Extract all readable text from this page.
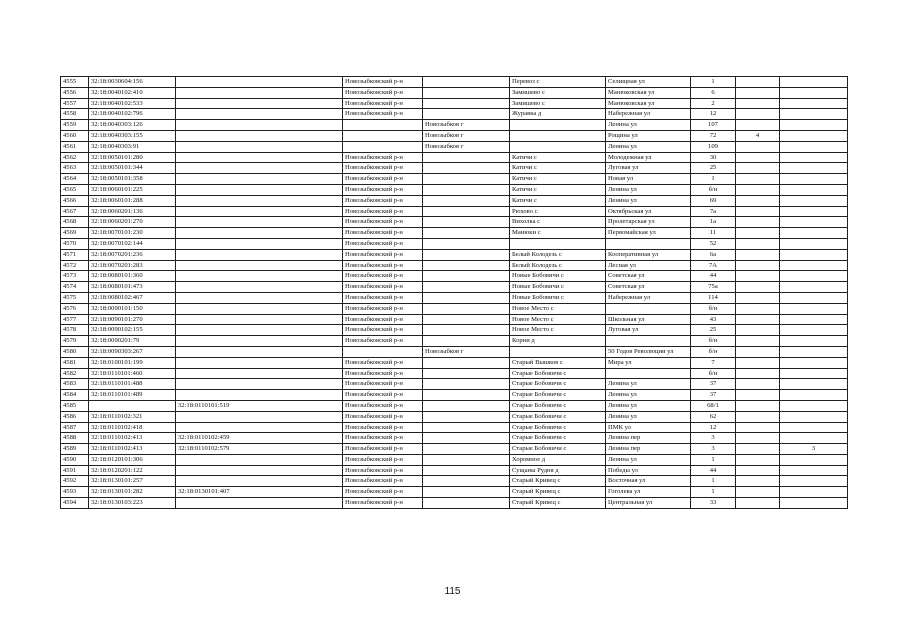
4555	32:18:0030604:156		Новозыбковский р-н		Перевоз с	Селищная ул	1		
4556	32:18:0040102:410		Новозыбковский р-н		Замишево с	Манюковская ул	6		
4557	32:18:0040102:533		Новозыбковский р-н		Замишево с	Манюковская ул	2		
4558	32:18:0040102:796		Новозыбковский р-н		Журавка д	Набережная ул	12		
4559	32:18:0040303:126			Новозыбков г		Ленина ул	107		
4560	32:18:0040303:155			Новозыбков г		Рощина ул	72	4	
4561	32:18:0040303:91			Новозыбков г		Ленина ул	109		
4562	32:18:0050101:280		Новозыбковский р-н		Катичи с	Молодежная ул	30		
4563	32:18:0050101:344		Новозыбковский р-н		Катичи с	Луговая ул	25		
4564	32:18:0050101:358		Новозыбковский р-н		Катичи с	Новая ул	1		
4565	32:18:0060101:225		Новозыбковский р-н		Катичи с	Ленина ул	б/н		
4566	32:18:0060101:288		Новозыбковский р-н		Катичи с	Ленина ул	69		
4567	32:18:0060201:136		Новозыбковский р-н		Рюхово с	Октябрьская ул	7а		
4568	32:18:0060201:270		Новозыбковский р-н		Вихолка с	Пролетарская ул	1а		
4569	32:18:0070101:230		Новозыбковский р-н		Манюки с	Первомайская ул	11		
4570	32:18:0070102:144		Новозыбковский р-н				52		
4571	32:18:0070201:236		Новозыбковский р-н		Белый Колодезь с	Кооперативная ул	6а		
4572	32:18:0070201:283		Новозыбковский р-н		Белый Колодезь с	Лесная ул	7А		
4573	32:18:0080101:360		Новозыбковский р-н		Новые Бобовичи с	Советская ул	44		
4574	32:18:0080101:473		Новозыбковский р-н		Новые Бобовичи с	Советская ул	75а		
4575	32:18:0080102:467		Новозыбковский р-н		Новые Бобовичи с	Набережная ул	114		
4576	32:18:0090101:150		Новозыбковский р-н		Новое Место с		б/н		
4577	32:18:0090101:270		Новозыбковский р-н		Новое Место с	Школьная ул	43		
4578	32:18:0090102:155		Новозыбковский р-н		Новое Место с	Луговая ул	25		
4579	32:18:0090201:79		Новозыбковский р-н		Корни д		б/н		
4580	32:18:0090303:267			Новозыбков г		50 Годов Революции ул	б/н		
4581	32:18:0100101:199		Новозыбковский р-н		Старый Вышков с	Мира ул	7		
4582	32:18:0110101:460		Новозыбковский р-н		Старые Бобовичи с		б/н		
4583	32:18:0110101:488		Новозыбковский р-н		Старые Бобовичи с	Ленина ул	37		
4584	32:18:0110101:489		Новозыбковский р-н		Старые Бобовичи с	Ленина ул	37		
4585		32:18:0110101:519	Новозыбковский р-н		Старые Бобовичи с	Ленина ул	68/1		
4586	32:18:0110102:321		Новозыбковский р-н		Старые Бобовичи с	Ленина ул	62		
4587	32:18:0110102:418		Новозыбковский р-н		Старые Бобовичи с	ПМК ул	12		
4588	32:18:0110102:413	32:18:0110102:459	Новозыбковский р-н		Старые Бобовичи с	Ленина пер	3		
4589	32:18:0110102:413	32:18:0110102:579	Новозыбковский р-н		Старые Бобовичи с	Ленина пер	3		3
4590	32:18:0120101:306		Новозыбковский р-н		Хоромное д	Ленина ул	1		
4591	32:18:0120201:122		Новозыбковский р-н		Сущаны Рудня д	Победы ул	44		
4592	32:18:0130101:257		Новозыбковский р-н		Старый Кривец с	Восточная ул	1		
4593	32:18:0130101:282	32:18:0130101:407	Новозыбковский р-н		Старый Кривец с	Гоголева ул	1		
4594	32:18:0130103:223		Новозыбковский р-н		Старый Кривец с	Центральная ул	33		
115
